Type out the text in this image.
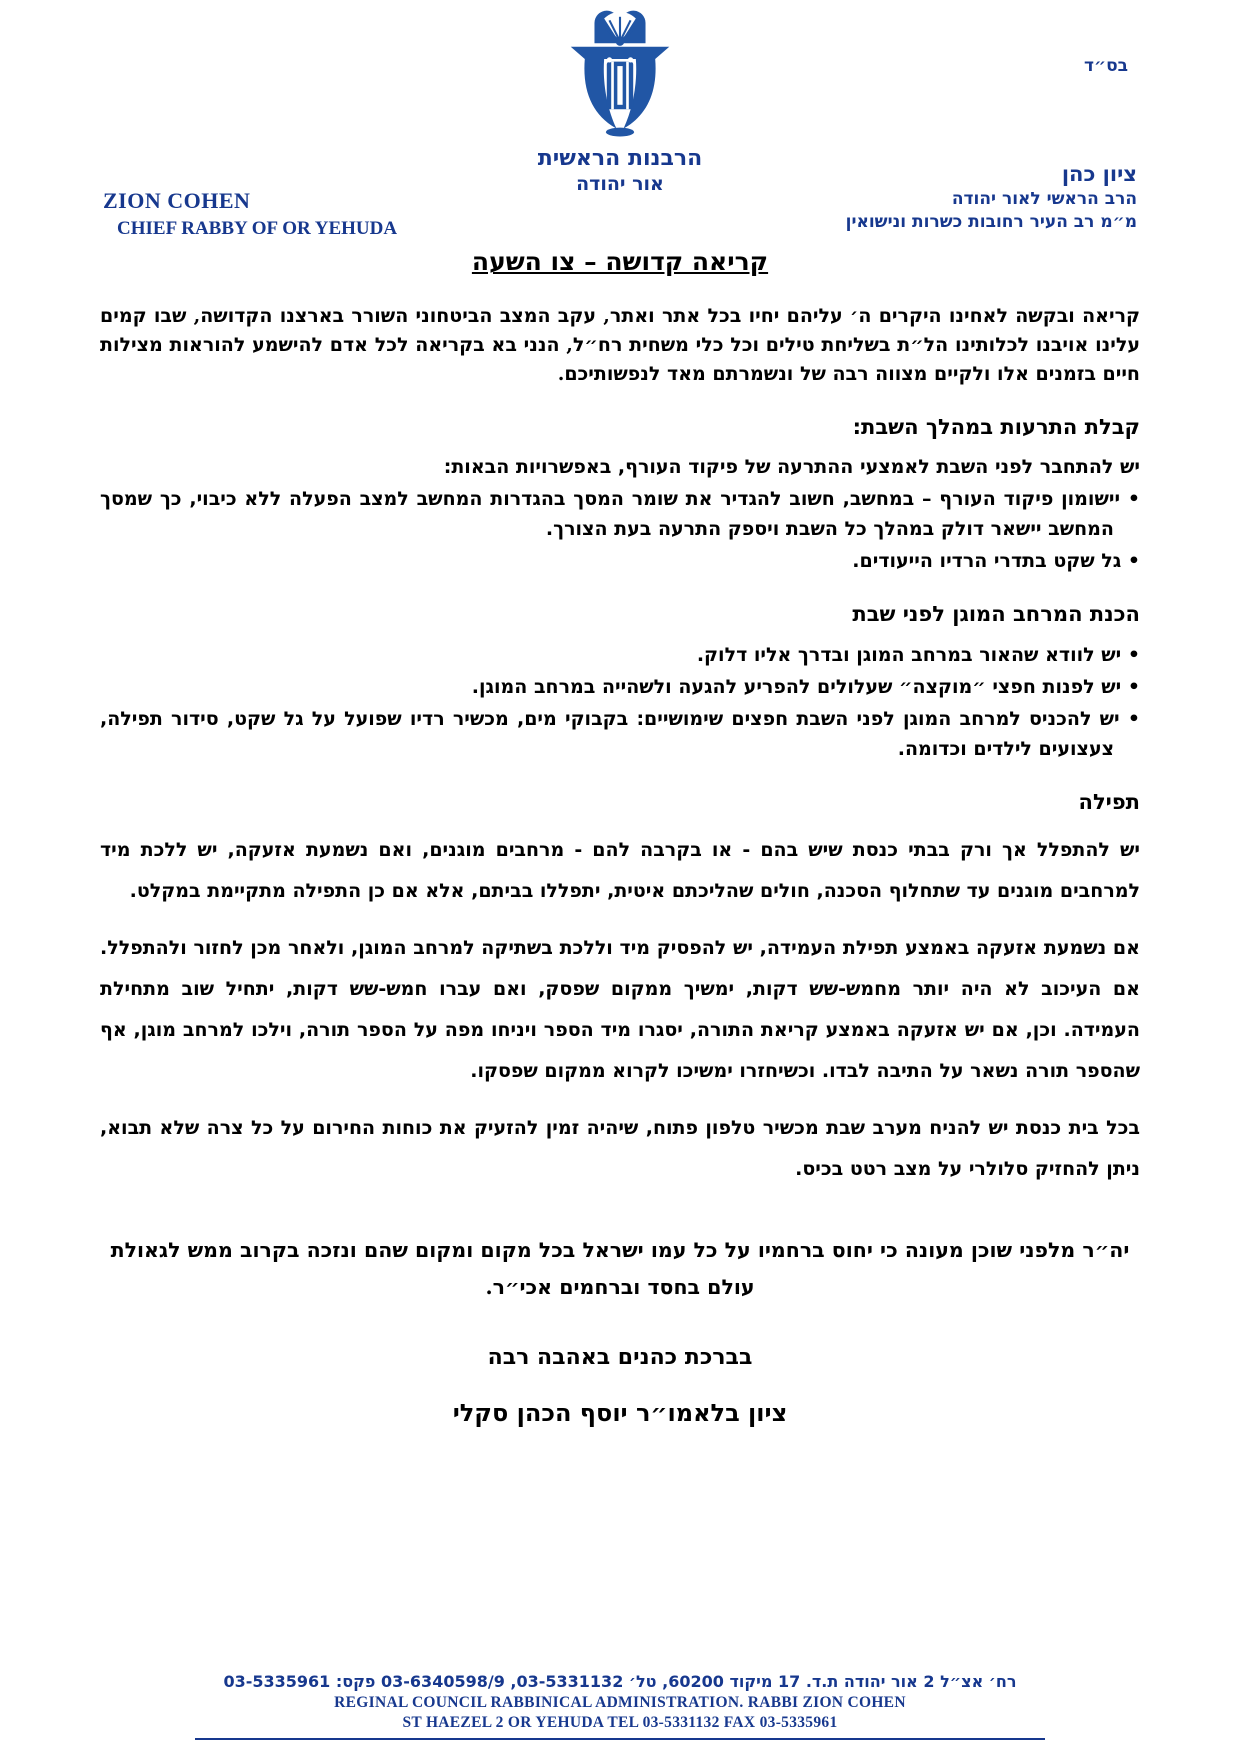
בס״ד
הרבנות הראשית
אור יהודה
ZION COHEN
CHIEF RABBY OF OR YEHUDA
ציון כהן
הרב הראשי לאור יהודה
מ״מ רב העיר רחובות כשרות ונישואין
קריאה קדושה – צו השעה

קריאה ובקשה לאחינו היקרים ה׳ עליהם יחיו בכל אתר ואתר, עקב המצב הביטחוני השורר בארצנו הקדושה, שבו קמים עלינו אויבנו לכלותינו הל״ת בשליחת טילים וכל כלי משחית רח״ל, הנני בא בקריאה לכל אדם להישמע להוראות מצילות חיים בזמנים אלו ולקיים מצווה רבה של ונשמרתם מאד לנפשותיכם.

קבלת התרעות במהלך השבת:

יש להתחבר לפני השבת לאמצעי ההתרעה של פיקוד העורף, באפשרויות הבאות:

• יישומון פיקוד העורף – במחשב, חשוב להגדיר את שומר המסך בהגדרות המחשב למצב הפעלה ללא כיבוי, כך שמסך המחשב יישאר דולק במהלך כל השבת ויספק התרעה בעת הצורך.
• גל שקט בתדרי הרדיו הייעודים.
הכנת המרחב המוגן לפני שבת
• יש לוודא שהאור במרחב המוגן ובדרך אליו דלוק.
• יש לפנות חפצי ״מוקצה״ שעלולים להפריע להגעה ולשהייה במרחב המוגן.
• יש להכניס למרחב המוגן לפני השבת חפצים שימושיים: בקבוקי מים, מכשיר רדיו שפועל על גל שקט, סידור תפילה, צעצועים לילדים וכדומה.
תפילה

יש להתפלל אך ורק בבתי כנסת שיש בהם - או בקרבה להם - מרחבים מוגנים, ואם נשמעת אזעקה, יש ללכת מיד למרחבים מוגנים עד שתחלוף הסכנה, חולים שהליכתם איטית, יתפללו בביתם, אלא אם כן התפילה מתקיימת במקלט.

אם נשמעת אזעקה באמצע תפילת העמידה, יש להפסיק מיד וללכת בשתיקה למרחב המוגן, ולאחר מכן לחזור ולהתפלל. אם העיכוב לא היה יותר מחמש-שש דקות, ימשיך ממקום שפסק, ואם עברו חמש-שש דקות, יתחיל שוב מתחילת העמידה. וכן, אם יש אזעקה באמצע קריאת התורה, יסגרו מיד הספר ויניחו מפה על הספר תורה, וילכו למרחב מוגן, אף שהספר תורה נשאר על התיבה לבדו. וכשיחזרו ימשיכו לקרוא ממקום שפסקו.

בכל בית כנסת יש להניח מערב שבת מכשיר טלפון פתוח, שיהיה זמין להזעיק את כוחות החירום על כל צרה שלא תבוא, ניתן להחזיק סלולרי על מצב רטט בכיס.

יה״ר מלפני שוכן מעונה כי יחוס ברחמיו על כל עמו ישראל בכל מקום ומקום שהם ונזכה בקרוב ממש לגאולת עולם בחסד וברחמים אכי״ר.

בברכת כהנים באהבה רבה
ציון בלאמו״ר יוסף הכהן סקלי
רח׳ אצ״ל 2 אור יהודה ת.ד. 17 מיקוד 60200, טל׳ 03-5331132, 03-6340598/9 פקס: 03-5335961
REGINAL COUNCIL RABBINICAL ADMINISTRATION. RABBI ZION COHEN
ST HAEZEL 2 OR YEHUDA TEL 03-5331132 FAX 03-5335961
